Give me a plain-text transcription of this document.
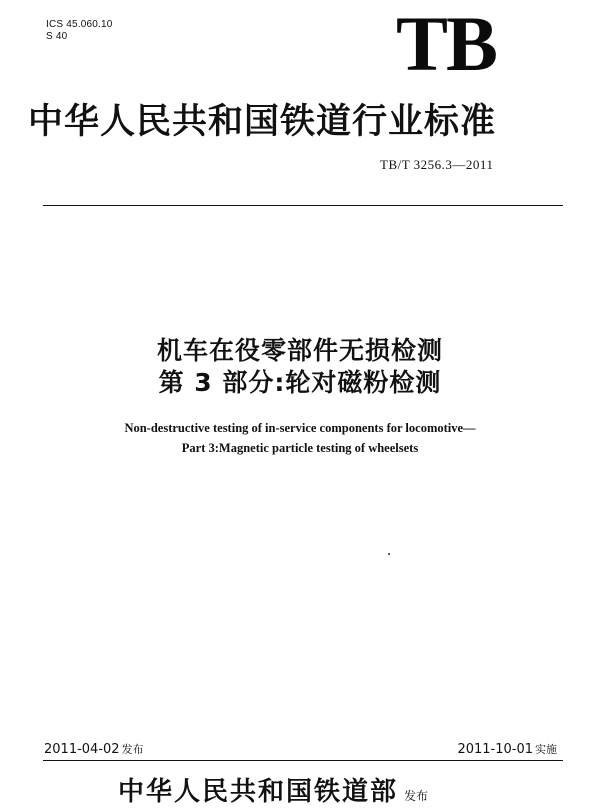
ICS 45.060.10
S 40	TB
中华人民共和国铁道行业标准
TB/T 3256.3—2011
机车在役零部件无损检测
第 3 部分:轮对磁粉检测
Non-destructive testing of in-service components for locomotive—
Part 3:Magnetic particle testing of wheelsets
2011-04-02 发布	2011-10-01 实施
中华人民共和国铁道部 发布
